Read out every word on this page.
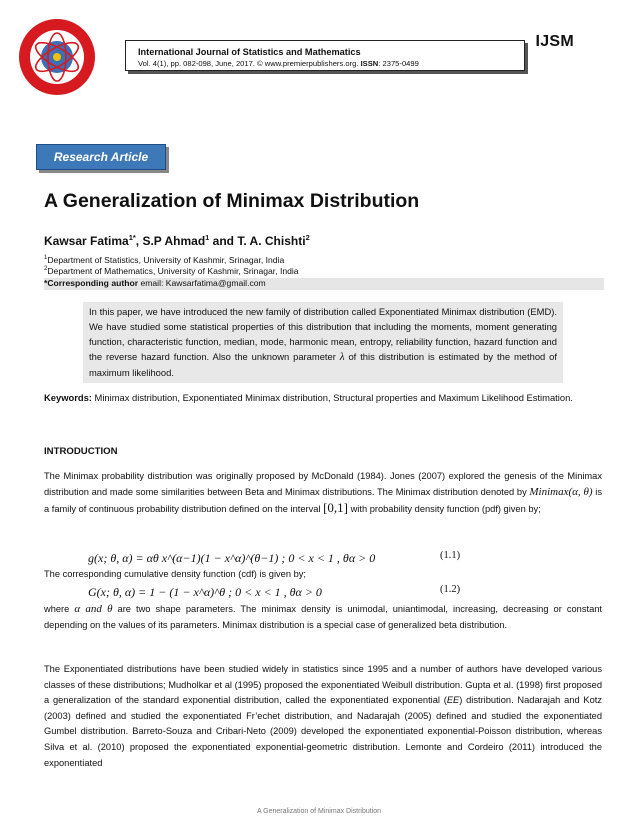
International Journal of Statistics and Mathematics
Vol. 4(1), pp. 082-098, June, 2017. © www.premierpublishers.org. ISSN: 2375-0499
IJSM
Research Article
A Generalization of Minimax Distribution
Kawsar Fatima$^{1*}$, S.P Ahmad$^1$ and T. A. Chishti$^2$
$^1$Department of Statistics, University of Kashmir, Srinagar, India
$^2$Department of Mathematics, University of Kashmir, Srinagar, India
*Corresponding author email: Kawsarfatima@gmail.com
In this paper, we have introduced the new family of distribution called Exponentiated Minimax distribution (EMD). We have studied some statistical properties of this distribution that including the moments, moment generating function, characteristic function, median, mode, harmonic mean, entropy, reliability function, hazard function and the reverse hazard function. Also the unknown parameter λ of this distribution is estimated by the method of maximum likelihood.
Keywords: Minimax distribution, Exponentiated Minimax distribution, Structural properties and Maximum Likelihood Estimation.
INTRODUCTION
The Minimax probability distribution was originally proposed by McDonald (1984). Jones (2007) explored the genesis of the Minimax distribution and made some similarities between Beta and Minimax distributions. The Minimax distribution denoted by Minimax(α, θ) is a family of continuous probability distribution defined on the interval [0,1] with probability density function (pdf) given by;
g(x; θ, α) = αθ x^(α−1)(1 − x^α)^(θ−1) ; 0 < x < 1 , θα > 0	(1.1)
The corresponding cumulative density function (cdf) is given by;
G(x; θ, α) = 1 − (1 − x^α)^θ ; 0 < x < 1 , θα > 0	(1.2)
where α and θ are two shape parameters. The minimax density is unimodal, uniantimodal, increasing, decreasing or constant depending on the values of its parameters. Minimax distribution is a special case of generalized beta distribution.
The Exponentiated distributions have been studied widely in statistics since 1995 and a number of authors have developed various classes of these distributions; Mudholkar et al (1995) proposed the exponentiated Weibull distribution. Gupta et al. (1998) first proposed a generalization of the standard exponential distribution, called the exponentiated exponential (EE) distribution. Nadarajah and Kotz (2003) defined and studied the exponentiated Fr’echet distribution, and Nadarajah (2005) defined and studied the exponentiated Gumbel distribution. Barreto-Souza and Cribari-Neto (2009) developed the exponentiated exponential-Poisson distribution, whereas Silva et al. (2010) proposed the exponentiated exponential-geometric distribution. Lemonte and Cordeiro (2011) introduced the exponentiated
A Generalization of Minimax Distribution
